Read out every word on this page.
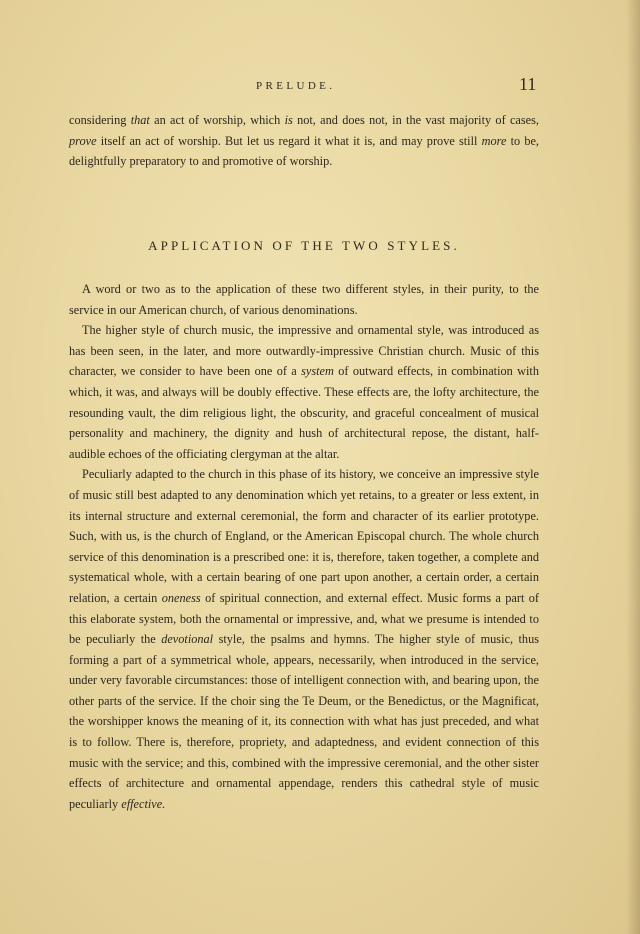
PRELUDE.	11

considering that an act of worship, which is not, and does not, in the vast majority of cases, prove itself an act of worship. But let us regard it what it is, and may prove still more to be, delightfully preparatory to and promotive of worship.

APPLICATION OF THE TWO STYLES.

A word or two as to the application of these two different styles, in their purity, to the service in our American church, of various denominations.

The higher style of church music, the impressive and ornamental style, was introduced as has been seen, in the later, and more outwardly-impressive Christian church. Music of this character, we consider to have been one of a system of outward effects, in combination with which, it was, and always will be doubly effective. These effects are, the lofty architecture, the resounding vault, the dim religious light, the obscurity, and graceful concealment of musical personality and machinery, the dignity and hush of architectural repose, the distant, half-audible echoes of the officiating clergyman at the altar.

Peculiarly adapted to the church in this phase of its history, we conceive an impressive style of music still best adapted to any denomination which yet retains, to a greater or less extent, in its internal structure and external ceremonial, the form and character of its earlier prototype. Such, with us, is the church of England, or the American Episcopal church. The whole church service of this denomination is a prescribed one: it is, therefore, taken together, a complete and systematical whole, with a certain bearing of one part upon another, a certain order, a certain relation, a certain oneness of spiritual connection, and external effect. Music forms a part of this elaborate system, both the ornamental or impressive, and, what we presume is intended to be peculiarly the devotional style, the psalms and hymns. The higher style of music, thus forming a part of a symmetrical whole, appears, necessarily, when introduced in the service, under very favorable circumstances: those of intelligent connection with, and bearing upon, the other parts of the service. If the choir sing the Te Deum, or the Benedictus, or the Magnificat, the worshipper knows the meaning of it, its connection with what has just preceded, and what is to follow. There is, therefore, propriety, and adaptedness, and evident connection of this music with the service; and this, combined with the impressive ceremonial, and the other sister effects of architecture and ornamental appendage, renders this cathedral style of music peculiarly effective.
